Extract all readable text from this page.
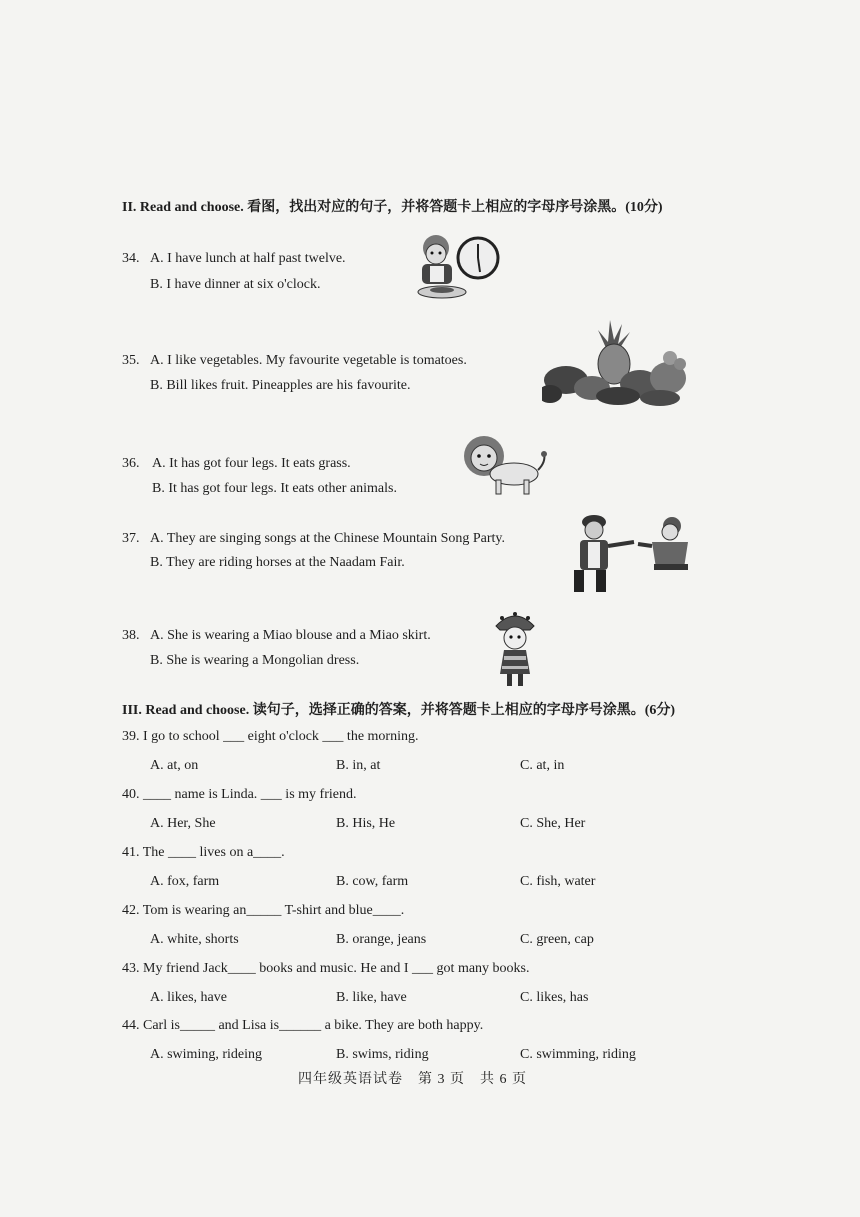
II. Read and choose. 看图，找出对应的句子，并将答题卡上相应的字母序号涂黑。(10分)
34. A. I have lunch at half past twelve.
B. I have dinner at six o'clock.
35. A. I like vegetables. My favourite vegetable is tomatoes.
B. Bill likes fruit. Pineapples are his favourite.
36. A. It has got four legs. It eats grass.
B. It has got four legs. It eats other animals.
37. A. They are singing songs at the Chinese Mountain Song Party.
B. They are riding horses at the Naadam Fair.
38. A. She is wearing a Miao blouse and a Miao skirt.
B. She is wearing a Mongolian dress.
III. Read and choose. 读句子，选择正确的答案，并将答题卡上相应的字母序号涂黑。(6分)
39. I go to school ___ eight o'clock ___ the morning.
A. at, on	B. in, at	C. at, in
40. ____ name is Linda. ___ is my friend.
A. Her, She	B. His, He	C. She, Her
41. The ____ lives on a____.
A. fox, farm	B. cow, farm	C. fish, water
42. Tom is wearing an_____ T-shirt and blue____.
A. white, shorts	B. orange, jeans	C. green, cap
43. My friend Jack____ books and music. He and I ___ got many books.
A. likes, have	B. like, have	C. likes, has
44. Carl is_____ and Lisa is______ a bike. They are both happy.
A. swiming, rideing	B. swims, riding	C. swimming, riding
四年级英语试卷　第 3 页　共 6 页
